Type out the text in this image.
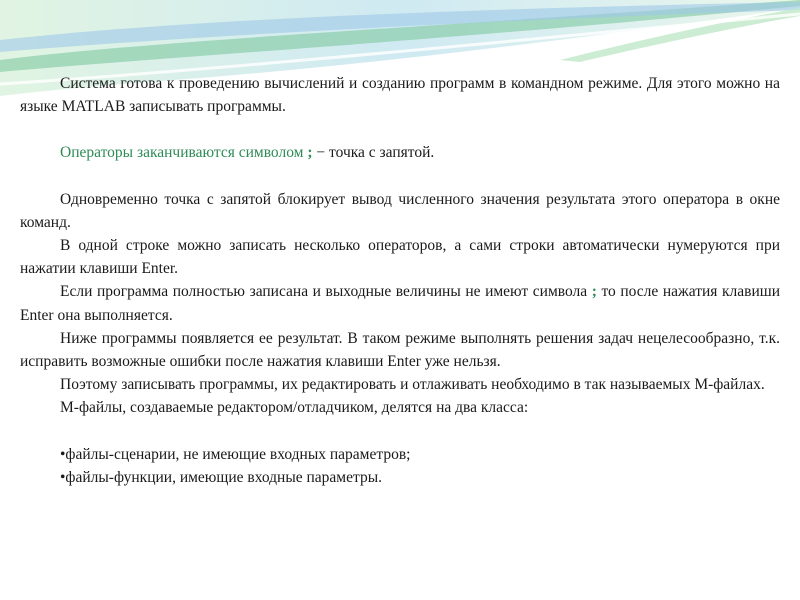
Система готова к проведению вычислений и созданию программ в командном режиме. Для этого можно на языке MATLAB записывать программы.

Операторы заканчиваются символом ; − точка с запятой.

Одновременно точка с запятой блокирует вывод численного значения результата этого оператора в окне команд.

В одной строке можно записать несколько операторов, а сами строки автоматически нумеруются при нажатии клавиши Enter.

Если программа полностью записана и выходные величины не имеют символа ; то после нажатия клавиши Enter она выполняется.

Ниже программы появляется ее результат. В таком режиме выполнять решения задач нецелесообразно, т.к. исправить возможные ошибки после нажатия клавиши Enter уже нельзя.

Поэтому записывать программы, их редактировать и отлаживать необходимо в так называемых M-файлах.

M-файлы, создаваемые редактором/отладчиком, делятся на два класса:

•файлы-сценарии, не имеющие входных параметров;

•файлы-функции, имеющие входные параметры.
